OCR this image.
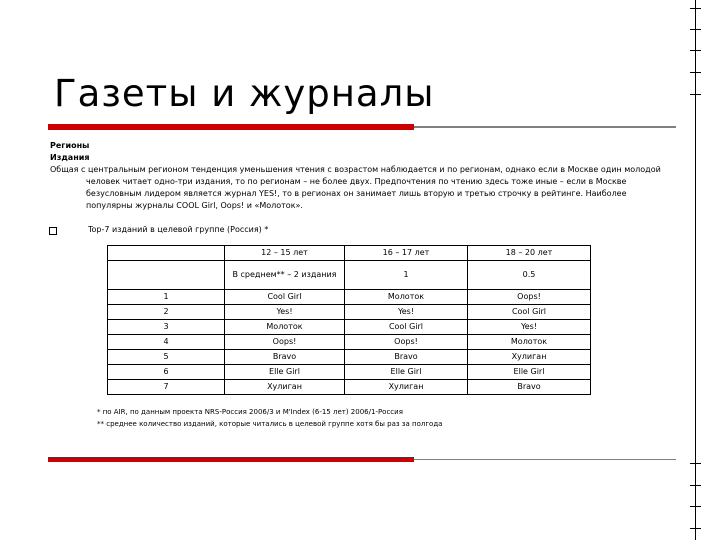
Газеты и журналы
Регионы
Издания
Общая с центральным регионом тенденция уменьшения чтения с возрастом наблюдается и по регионам, однако если в Москве один молодой человек читает одно-три издания, то по регионам – не более двух. Предпочтения по чтению здесь тоже иные – если в Москве безусловным лидером является журнал YES!, то в регионах он занимает лишь вторую и третью строчку в рейтинге. Наиболее популярны журналы COOL Girl, Oops! и «Молоток».
Top-7 изданий в целевой группе (Россия) *
	12 – 15 лет	16 – 17 лет	18 – 20 лет
	В среднем** – 2 издания	1	0.5
1	Cool Girl	Молоток	Oops!
2	Yes!	Yes!	Cool Girl
3	Молоток	Cool Girl	Yes!
4	Oops!	Oops!	Молоток
5	Bravo	Bravo	Хулиган
6	Elle Girl	Elle Girl	Elle Girl
7	Хулиган	Хулиган	Bravo
* по AIR, по данным проекта NRS-Россия 2006/3 и M'Index (6-15 лет) 2006/1-Россия
** среднее количество изданий, которые читались в целевой группе хотя бы раз за полгода
